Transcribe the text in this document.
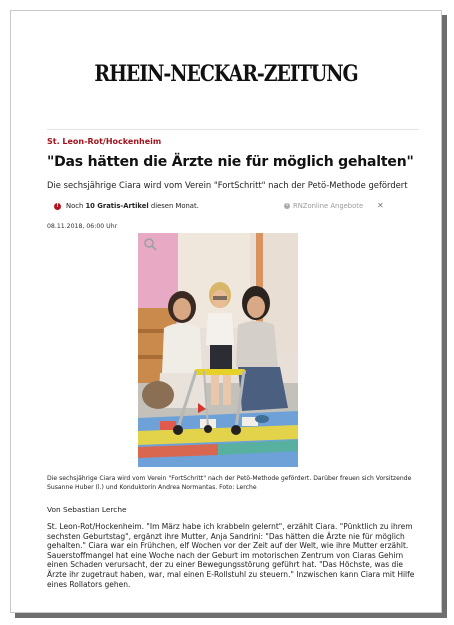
RHEIN-NECKAR-ZEITUNG
St. Leon-Rot/Hockenheim
"Das hätten die Ärzte nie für möglich gehalten"
Die sechsjährige Ciara wird vom Verein "FortSchritt" nach der Petö-Methode gefördert
!	Noch 10 Gratis-Artikel diesen Monat.	i RNZonline Angebote ✕
08.11.2018, 06:00 Uhr
Die sechsjährige Ciara wird vom Verein "FortSchritt" nach der Petö-Methode gefördert. Darüber freuen sich Vorsitzende Susanne Huber (l.) und Konduktorin Andrea Normantas. Foto: Lerche
Von Sebastian Lerche
St. Leon-Rot/Hockenheim. "Im März habe ich krabbeln gelernt", erzählt Ciara. "Pünktlich zu ihrem sechsten Geburtstag", ergänzt ihre Mutter, Anja Sandrini: "Das hätten die Ärzte nie für möglich gehalten." Ciara war ein Frühchen, elf Wochen vor der Zeit auf der Welt, wie ihre Mutter erzählt. Sauerstoffmangel hat eine Woche nach der Geburt im motorischen Zentrum von Ciaras Gehirn einen Schaden verursacht, der zu einer Bewegungsstörung geführt hat. "Das Höchste, was die Ärzte ihr zugetraut haben, war, mal einen E-Rollstuhl zu steuern." Inzwischen kann Ciara mit Hilfe eines Rollators gehen.
